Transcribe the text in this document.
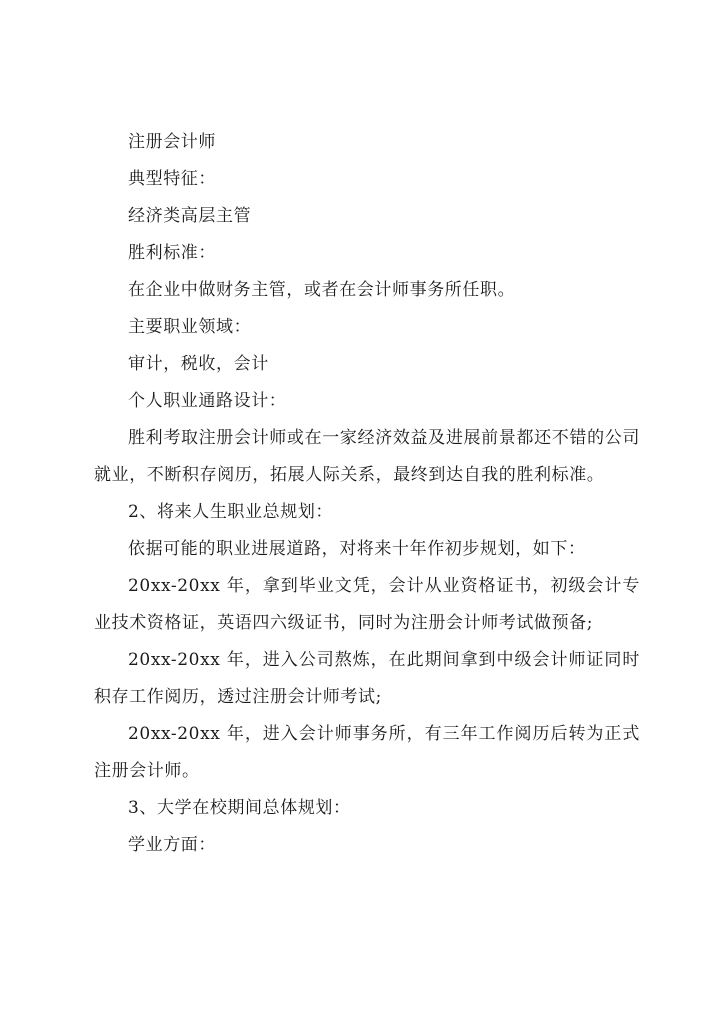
注册会计师

典型特征：

经济类高层主管

胜利标准：

在企业中做财务主管，或者在会计师事务所任职。

主要职业领域：

审计，税收，会计

个人职业通路设计：

胜利考取注册会计师或在一家经济效益及进展前景都还不错的公司就业，不断积存阅历，拓展人际关系，最终到达自我的胜利标准。

2、将来人生职业总规划：

依据可能的职业进展道路，对将来十年作初步规划，如下：

20xx-20xx 年，拿到毕业文凭，会计从业资格证书，初级会计专业技术资格证，英语四六级证书，同时为注册会计师考试做预备;

20xx-20xx 年，进入公司熬炼，在此期间拿到中级会计师证同时积存工作阅历，透过注册会计师考试;

20xx-20xx 年，进入会计师事务所，有三年工作阅历后转为正式注册会计师。

3、大学在校期间总体规划：

学业方面：
